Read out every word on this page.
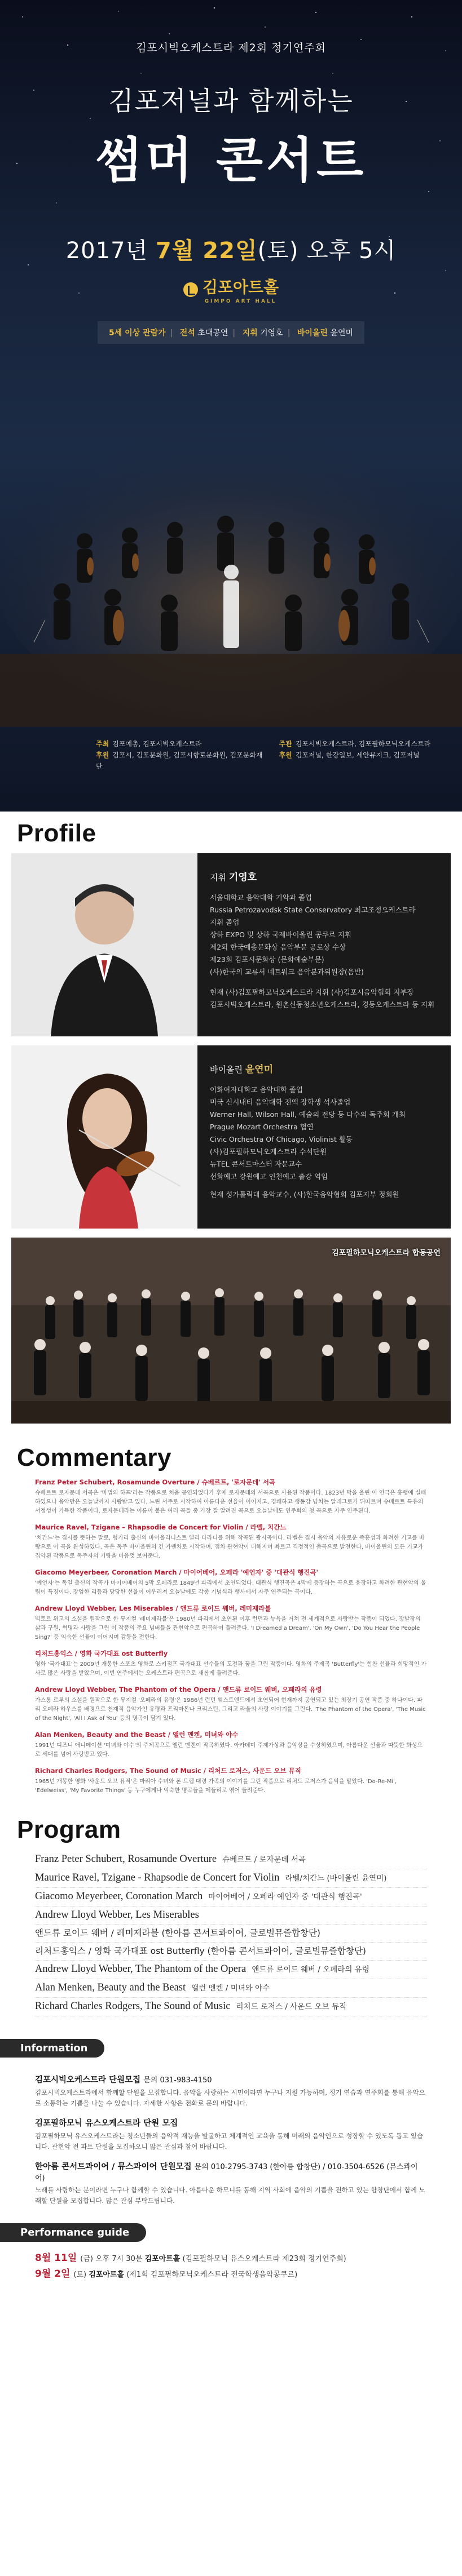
김포시빅오케스트라 제2회 정기연주회
김포저널과 함께하는
썸머 콘서트
2017년 7월 22일(토) 오후 5시
김포아트홀
GIMPO ART HALL

5세 이상 관람가 | 전석 초대공연 | 지휘 기영호 | 바이올린 윤연미
주최 김포예총, 김포시빅오케스트라	주관 김포시빅오케스트라, 김포필하모닉오케스트라
후원 김포시, 김포문화원, 김포시향토문화원, 김포문화재단
후원 김포저널, 한강일보, 세안뮤지크, 김포저널
Profile
지휘 기영호
서울대학교 음악대학 기악과 졸업
Russia Petrozavodsk State Conservatory 최고조정오케스트라
지휘 졸업
상하 EXPO 및 상하 국제바이올린 콩쿠르 지휘
제2회 한국예총문화상 음악부문 공로상 수상
제23회 김포시문화상 (문화예술부문)
(사)한국의 교류서 네트워크 음악분과위원장(음반)
현재 (사)김포필하모닉오케스트라 지휘 (사)김포시음악협회 지부장
김포시빅오케스트라, 원촌신동청소년오케스트라, 경동오케스트라 등 지휘
바이올린 윤연미
이화여자대학교 음악대학 졸업
미국 신시내티 음악대학 전액 장학생 석사졸업
Werner Hall, Wilson Hall, 예술의 전당 등 다수의 독주회 개최
Prague Mozart Orchestra 협연
Civic Orchestra Of Chicago, Violinist 활동
(사)김포필하모닉오케스트라 수석단원
뉴TEL 콘서트마스터 자문교수
선화예고 강원예고 인천예고 출강 역임
현재 성가톨릭대 음악교수, (사)한국음악협회 김포지부 정회원
김포필하모닉오케스트라 합동공연
Commentary
Franz Peter Schubert, Rosamunde Overture / 슈베르트, '로자문데' 서곡
슈베르트 로자문데 서곡은 '마법의 하프'라는 작품으로 처음 공연되었다가 후에 로자문데의 서곡으로 사용된 작품이다. 1823년 막을 올린 이 연극은 흥행에 실패하였으나 음악만은 오늘날까지 사랑받고 있다. 느린 서주로 시작하여 아름다운 선율이 이어지고, 경쾌하고 생동감 넘치는 알레그로가 뒤따르며 슈베르트 특유의 서정성이 가득한 작품이다. 로자문데라는 이름이 붙은 여러 곡들 중 가장 잘 알려진 곡으로 오늘날에도 연주회의 첫 곡으로 자주 연주된다.
Maurice Ravel, Tzigane – Rhapsodie de Concert for Violin / 라벨, 치간느
'치간느'는 집시를 뜻하는 말로, 헝가리 출신의 바이올리니스트 옐리 다라니를 위해 작곡된 광시곡이다. 라벨은 집시 음악의 자유로운 즉흥성과 화려한 기교를 바탕으로 이 곡을 완성하였다. 곡은 독주 바이올린의 긴 카덴차로 시작하며, 점차 관현악이 더해지며 빠르고 격정적인 춤곡으로 발전한다. 바이올린의 모든 기교가 집약된 작품으로 독주자의 기량을 마음껏 보여준다.
Giacomo Meyerbeer, Coronation March / 마이어베어, 오페라 '예언자' 중 '대관식 행진곡'
'예언자'는 독일 출신의 작곡가 마이어베어의 5막 오페라로 1849년 파리에서 초연되었다. 대관식 행진곡은 4막에 등장하는 곡으로 웅장하고 화려한 관현악의 울림이 특징이다. 장엄한 리듬과 당당한 선율이 어우러져 오늘날에도 각종 기념식과 행사에서 자주 연주되는 곡이다.
Andrew Lloyd Webber, Les Miserables / 앤드류 로이드 웨버, 레미제라블
빅토르 위고의 소설을 원작으로 한 뮤지컬 '레미제라블'은 1980년 파리에서 초연된 이후 런던과 뉴욕을 거쳐 전 세계적으로 사랑받는 작품이 되었다. 장발장의 삶과 구원, 혁명과 사랑을 그린 이 작품의 주요 넘버들을 관현악으로 편곡하여 들려준다. 'I Dreamed a Dream', 'On My Own', 'Do You Hear the People Sing?' 등 익숙한 선율이 이어지며 감동을 전한다.
리처드홍익스 / 영화 국가대표 ost Butterfly
영화 '국가대표'는 2009년 개봉한 스포츠 영화로 스키점프 국가대표 선수들의 도전과 꿈을 그린 작품이다. 영화의 주제곡 'Butterfly'는 힘찬 선율과 희망적인 가사로 많은 사랑을 받았으며, 이번 연주에서는 오케스트라 편곡으로 새롭게 들려준다.
Andrew Lloyd Webber, The Phantom of the Opera / 앤드류 로이드 웨버, 오페라의 유령
가스통 르루의 소설을 원작으로 한 뮤지컬 '오페라의 유령'은 1986년 런던 웨스트엔드에서 초연되어 현재까지 공연되고 있는 최장기 공연 작품 중 하나이다. 파리 오페라 하우스를 배경으로 천재적 음악가인 유령과 프리마돈나 크리스틴, 그리고 라울의 사랑 이야기를 그린다. 'The Phantom of the Opera', 'The Music of the Night', 'All I Ask of You' 등의 명곡이 담겨 있다.
Alan Menken, Beauty and the Beast / 앨런 멘켄, 미녀와 야수
1991년 디즈니 애니메이션 '미녀와 야수'의 주제곡으로 앨런 멘켄이 작곡하였다. 아카데미 주제가상과 음악상을 수상하였으며, 아름다운 선율과 따뜻한 화성으로 세대를 넘어 사랑받고 있다.
Richard Charles Rodgers, The Sound of Music / 리처드 로저스, 사운드 오브 뮤직
1965년 개봉한 영화 '사운드 오브 뮤직'은 마리아 수녀와 폰 트랩 대령 가족의 이야기를 그린 작품으로 리처드 로저스가 음악을 맡았다. 'Do-Re-Mi', 'Edelweiss', 'My Favorite Things' 등 누구에게나 익숙한 명곡들을 메들리로 엮어 들려준다.
Program
Franz Peter Schubert, Rosamunde Overture 슈베르트 / 로자문데 서곡
Maurice Ravel, Tzigane - Rhapsodie de Concert for Violin 라벨/치간느 (바이올린 윤연미)
Giacomo Meyerbeer, Coronation March 마이어베어 / 오페라 예언자 중 '대관식 행진곡'
Andrew Lloyd Webber, Les Miserables
앤드류 로이드 웨버 / 레미제라블 (한아름 콘서트콰이어, 글로벌뮤즐합창단)
리처드홍익스 / 영화 국가대표 ost Butterfly (한아름 콘서트콰이어, 글로벌뮤즐합창단)
Andrew Lloyd Webber, The Phantom of the Opera 앤드류 로이드 웨버 / 오페라의 유령
Alan Menken, Beauty and the Beast 앨런 멘켄 / 미녀와 야수
Richard Charles Rodgers, The Sound of Music 리처드 로저스 / 사운드 오브 뮤직
Information
김포시빅오케스트라 단원모집 문의 031-983-4150
김포시빅오케스트라에서 함께할 단원을 모집합니다. 음악을 사랑하는 시민이라면 누구나 지원 가능하며, 정기 연습과 연주회를 통해 음악으로 소통하는 기쁨을 나눌 수 있습니다. 자세한 사항은 전화로 문의 바랍니다.
김포필하모닉 유스오케스트라 단원 모집
김포필하모닉 유스오케스트라는 청소년들의 음악적 재능을 발굴하고 체계적인 교육을 통해 미래의 음악인으로 성장할 수 있도록 돕고 있습니다. 관현악 전 파트 단원을 모집하오니 많은 관심과 참여 바랍니다.
한아름 콘서트콰이어 / 뮤스콰이어 단원모집 문의 010-2795-3743 (한아름 합창단) / 010-3504-6526 (뮤스콰이어)
노래를 사랑하는 분이라면 누구나 함께할 수 있습니다. 아름다운 하모니를 통해 지역 사회에 음악의 기쁨을 전하고 있는 합창단에서 함께 노래할 단원을 모집합니다. 많은 관심 부탁드립니다.
Performance guide
8월 11일 (금) 오후 7시 30분 김포아트홀 (김포필하모닉 유스오케스트라 제23회 정기연주회)
9월 2일 (토) 김포아트홀 (제1회 김포필하모닉오케스트라 전국학생음악콩쿠르)
